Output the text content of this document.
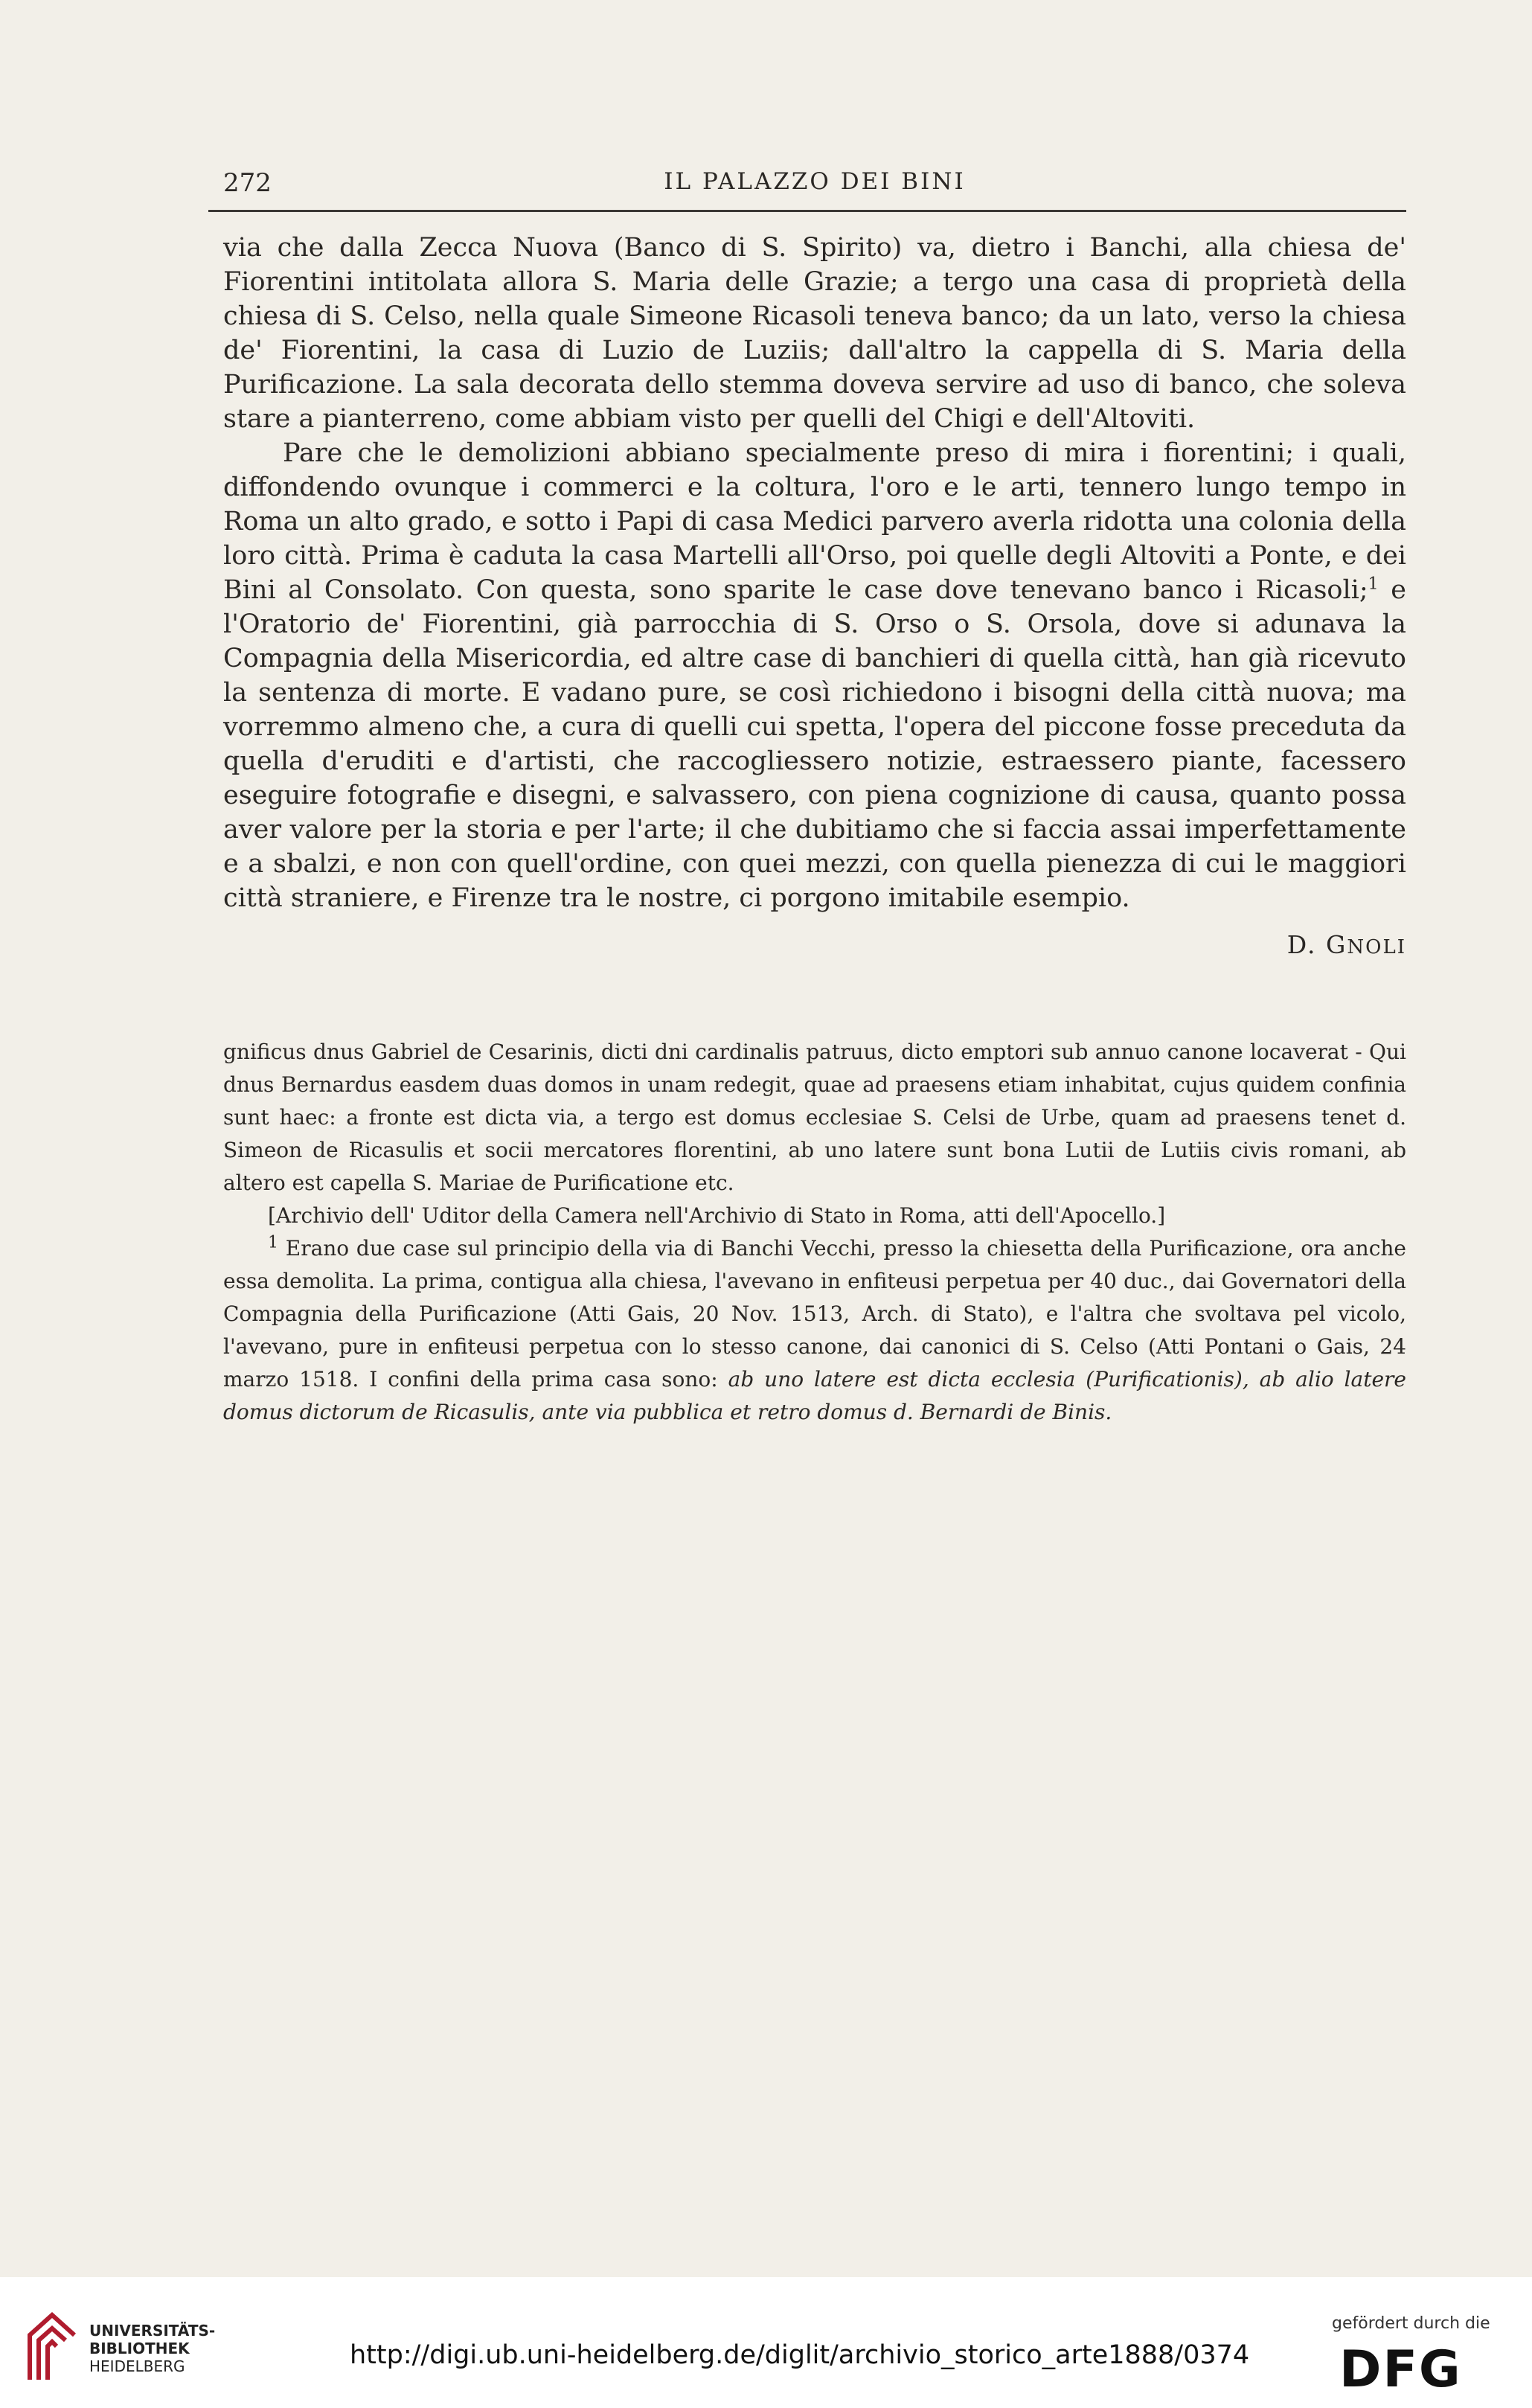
272	IL PALAZZO DEI BINI

via che dalla Zecca Nuova (Banco di S. Spirito) va, dietro i Banchi, alla chiesa de' Fiorentini intitolata allora S. Maria delle Grazie; a tergo una casa di proprietà della chiesa di S. Celso, nella quale Simeone Ricasoli teneva banco; da un lato, verso la chiesa de' Fiorentini, la casa di Luzio de Luziis; dall'altro la cappella di S. Maria della Purificazione. La sala decorata dello stemma doveva servire ad uso di banco, che soleva stare a pianterreno, come abbiam visto per quelli del Chigi e dell'Altoviti.

Pare che le demolizioni abbiano specialmente preso di mira i fiorentini; i quali, diffondendo ovunque i commerci e la coltura, l'oro e le arti, tennero lungo tempo in Roma un alto grado, e sotto i Papi di casa Medici parvero averla ridotta una colonia della loro città. Prima è caduta la casa Martelli all'Orso, poi quelle degli Altoviti a Ponte, e dei Bini al Consolato. Con questa, sono sparite le case dove tenevano banco i Ricasoli;$^1$ e l'Oratorio de' Fiorentini, già parrocchia di S. Orso o S. Orsola, dove si adunava la Compagnia della Misericordia, ed altre case di banchieri di quella città, han già ricevuto la sentenza di morte. E vadano pure, se così richiedono i bisogni della città nuova; ma vorremmo almeno che, a cura di quelli cui spetta, l'opera del piccone fosse preceduta da quella d'eruditi e d'artisti, che raccogliessero notizie, estraessero piante, facessero eseguire fotografie e disegni, e salvassero, con piena cognizione di causa, quanto possa aver valore per la storia e per l'arte; il che dubitiamo che si faccia assai imperfettamente e a sbalzi, e non con quell'ordine, con quei mezzi, con quella pienezza di cui le maggiori città straniere, e Firenze tra le nostre, ci porgono imitabile esempio.

D. GNOLI

gnificus dnus Gabriel de Cesarinis, dicti dni cardinalis patruus, dicto emptori sub annuo canone locaverat - Qui dnus Bernardus easdem duas domos in unam redegit, quae ad praesens etiam inhabitat, cujus quidem confinia sunt haec: a fronte est dicta via, a tergo est domus ecclesiae S. Celsi de Urbe, quam ad praesens tenet d. Simeon de Ricasulis et socii mercatores florentini, ab uno latere sunt bona Lutii de Lutiis civis romani, ab altero est capella S. Mariae de Purificatione etc.

[Archivio dell' Uditor della Camera nell'Archivio di Stato in Roma, atti dell'Apocello.]

$^1$ Erano due case sul principio della via di Banchi Vecchi, presso la chiesetta della Purificazione, ora anche essa demolita. La prima, contigua alla chiesa, l'avevano in enfiteusi perpetua per 40 duc., dai Governatori della Compagnia della Purificazione (Atti Gais, 20 Nov. 1513, Arch. di Stato), e l'altra che svoltava pel vicolo, l'avevano, pure in enfiteusi perpetua con lo stesso canone, dai canonici di S. Celso (Atti Pontani o Gais, 24 marzo 1518. I confini della prima casa sono: ab uno latere est dicta ecclesia (Purificationis), ab alio latere domus dictorum de Ricasulis, ante via pubblica et retro domus d. Bernardi de Binis.

UNIVERSITÄTS-
BIBLIOTHEK
HEIDELBERG	http://digi.ub.uni-heidelberg.de/diglit/archivio_storico_arte1888/0374
gefördert durch die
DFG
